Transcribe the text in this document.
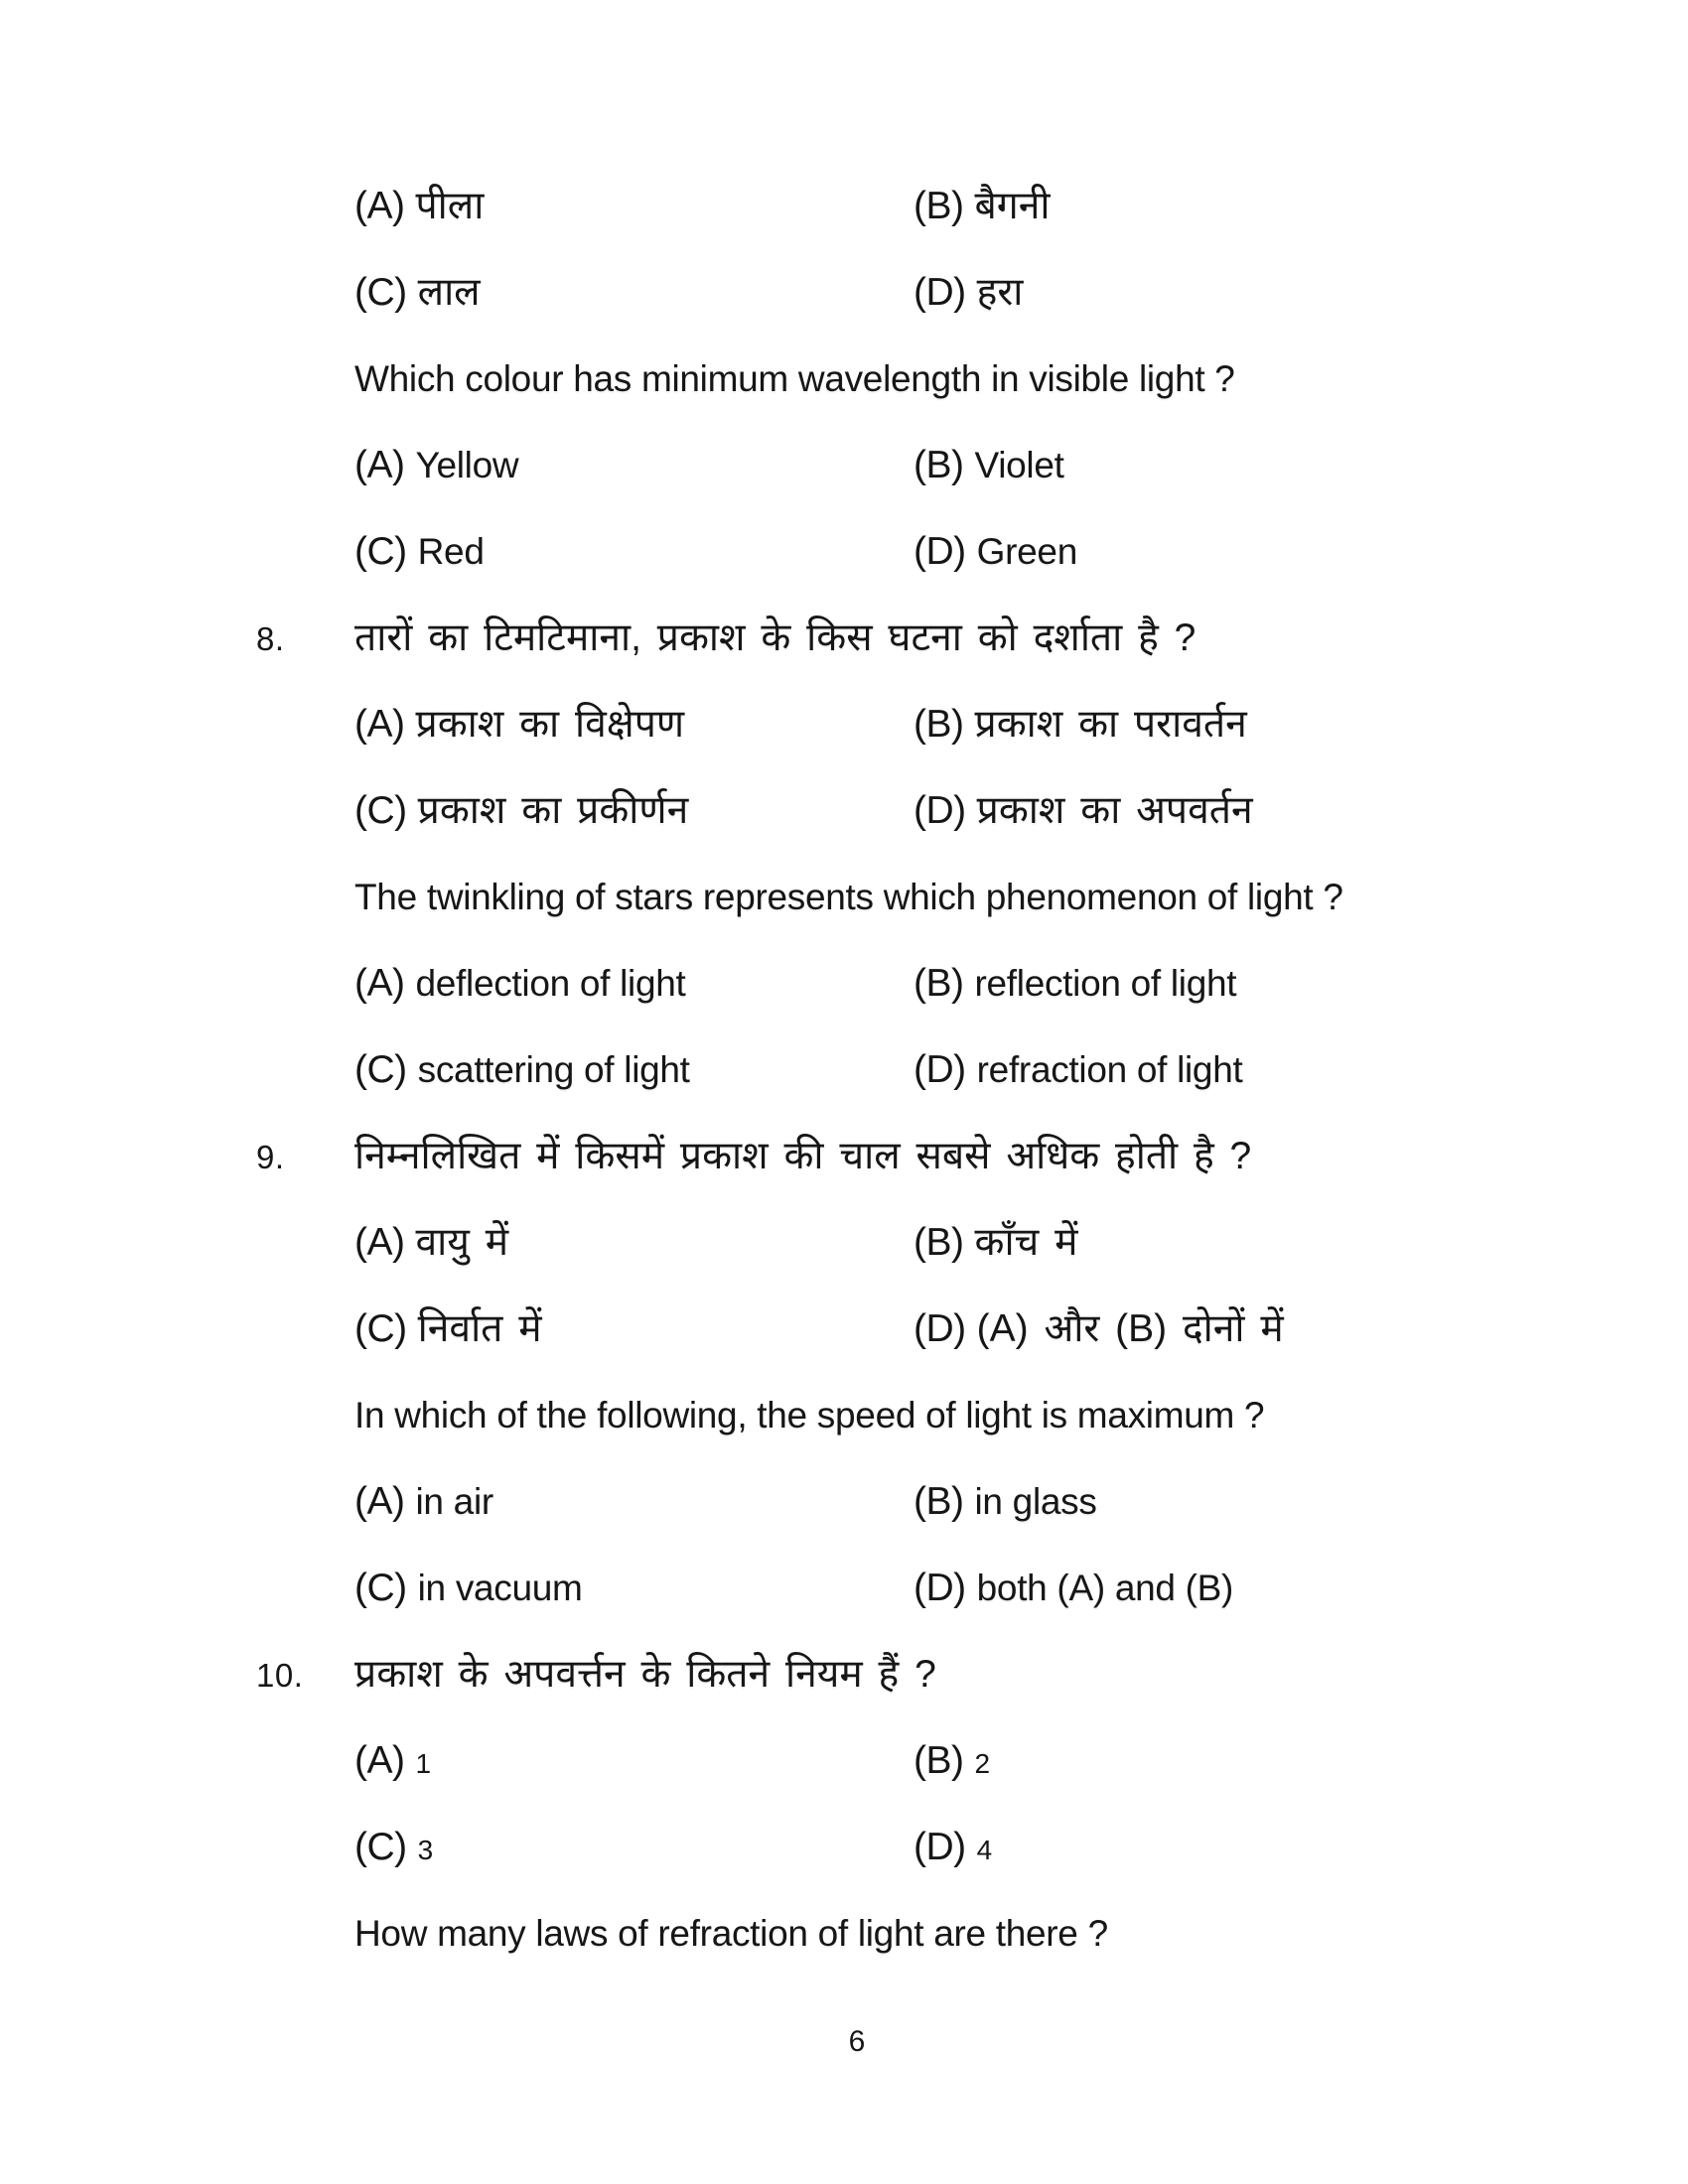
(A) पीला	(B) बैगनी
(C) लाल	(D) हरा
Which colour has minimum wavelength in visible light ?
(A) Yellow	(B) Violet
(C) Red	(D) Green
8. तारों का टिमटिमाना, प्रकाश के किस घटना को दर्शाता है ?
(A) प्रकाश का विक्षेपण	(B) प्रकाश का परावर्तन
(C) प्रकाश का प्रकीर्णन	(D) प्रकाश का अपवर्तन
The twinkling of stars represents which phenomenon of light ?
(A) deflection of light	(B) reflection of light
(C) scattering of light	(D) refraction of light
9. निम्नलिखित में किसमें प्रकाश की चाल सबसे अधिक होती है ?
(A) वायु में	(B) काँच में
(C) निर्वात में	(D) (A) और (B) दोनों में
In which of the following, the speed of light is maximum ?
(A) in air	(B) in glass
(C) in vacuum	(D) both (A) and (B)
10. प्रकाश के अपवर्त्तन के कितने नियम हैं ?
(A) 1	(B) 2
(C) 3	(D) 4
How many laws of refraction of light are there ?
6
